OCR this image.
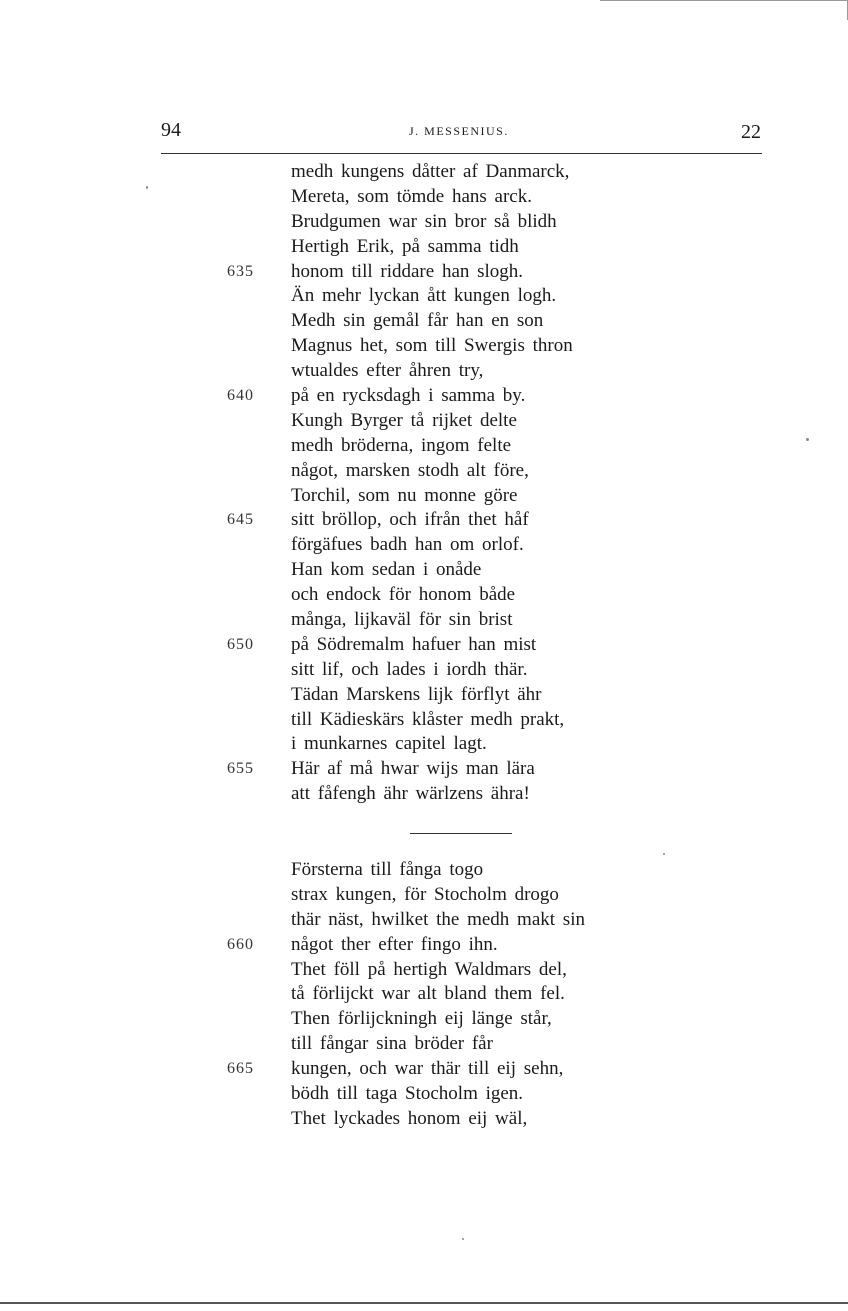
94	J. MESSENIUS.	22
medh kungens dåtter af Danmarck,
Mereta, som tömde hans arck.
Brudgumen war sin bror så blidh
Hertigh Erik, på samma tidh
635 honom till riddare han slogh.
Än mehr lyckan ått kungen logh.
Medh sin gemål får han en son
Magnus het, som till Swergis thron
wtualdes efter åhren try,
640 på en rycksdagh i samma by.
Kungh Byrger tå rijket delte
medh bröderna, ingom felte
något, marsken stodh alt före,
Torchil, som nu monne göre
645 sitt bröllop, och ifrån thet håf
förgäfues badh han om orlof.
Han kom sedan i onåde
och endock för honom både
många, lijkaväl för sin brist
650 på Södremalm hafuer han mist
sitt lif, och lades i iordh thär.
Tädan Marskens lijk förflyt ähr
till Kädieskärs klåster medh prakt,
i munkarnes capitel lagt.
655 Här af må hwar wijs man lära
att fåfengh ähr wärlzens ähra!
Försterna till fånga togo
strax kungen, för Stocholm drogo
thär näst, hwilket the medh makt sin
660 något ther efter fingo ihn.
Thet föll på hertigh Waldmars del,
tå förlijckt war alt bland them fel.
Then förlijckningh eij länge står,
till fångar sina bröder får
665 kungen, och war thär till eij sehn,
bödh till taga Stocholm igen.
Thet lyckades honom eij wäl,
